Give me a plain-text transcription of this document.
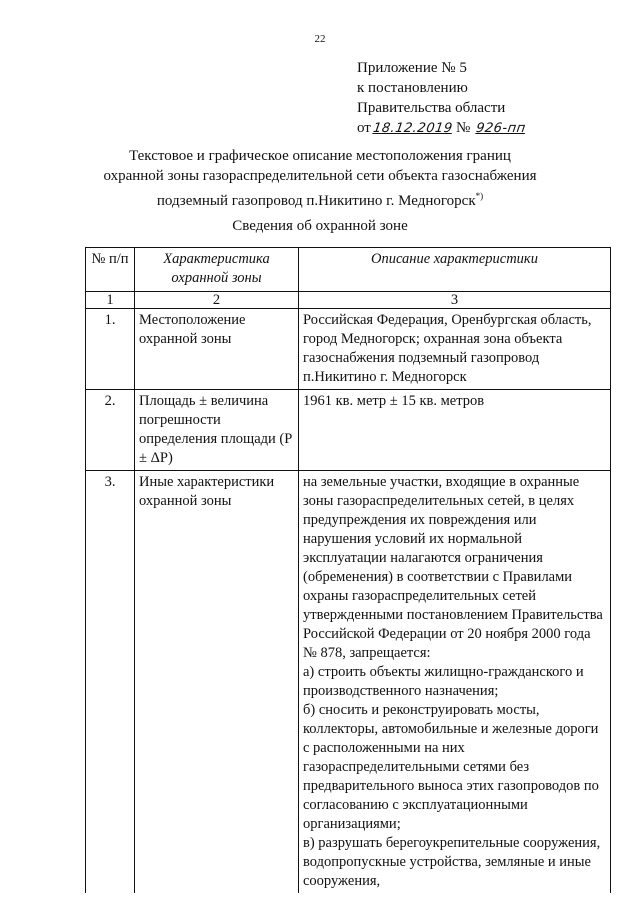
22
Приложение № 5
к постановлению
Правительства области
от18.12.2019 № 926-пп
Текстовое и графическое описание местоположения границ
охранной зоны газораспределительной сети объекта газоснабжения
подземный газопровод п.Никитино г. Медногорск*)
Сведения об охранной зоне
№ п/п	Характеристика охранной зоны	Описание характеристики
1	2	3
1.	Местоположение охранной зоны	Российская Федерация, Оренбургская область, город Медногорск; охранная зона объекта газоснабжения подземный газопровод п.Никитино г. Медногорск
2.	Площадь ± величина погрешности определения площади (P ± ΔP)	1961 кв. метр ± 15 кв. метров
3.	Иные характеристики охранной зоны	на земельные участки, входящие в охранные зоны газораспределительных сетей, в целях предупреждения их повреждения или нарушения условий их нормальной эксплуатации налагаются ограничения (обременения) в соответствии с Правилами охраны газораспределительных сетей утвержденными постановлением Правительства Российской Федерации от 20 ноября 2000 года № 878, запрещается:
а) строить объекты жилищно-гражданского и производственного назначения;
б) сносить и реконструировать мосты, коллекторы, автомобильные и железные дороги с расположенными на них газораспределительными сетями без предварительного выноса этих газопроводов по согласованию с эксплуатационными организациями;
в) разрушать берегоукрепительные сооружения, водопропускные устройства, земляные и иные сооружения,
